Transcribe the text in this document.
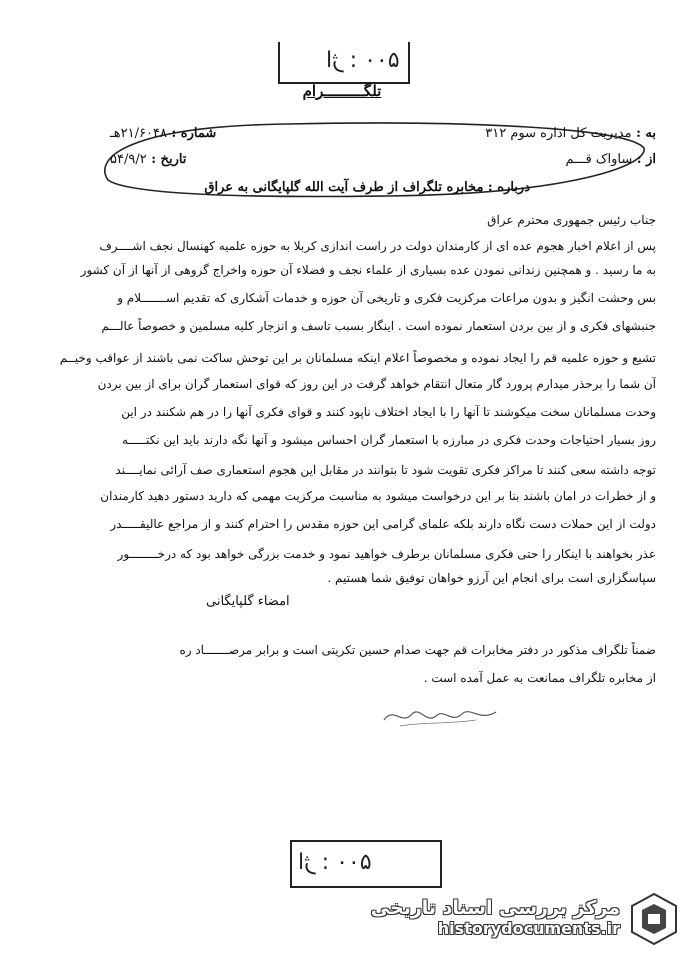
۵۰۰ : اژ
تلگـــــــــرام
به : مدیریت کل اداره سوم ۳۱۲
از : ساواک قـــم
شماره : ۲۱/۶۰۴۸هـ
تاریخ : ۵۴/۹/۲
درباره : مخابره تلگراف از طرف آیت الله گلپایگانی به عراق
جناب رئیس جمهوری محترم عراق
پس از اعلام اخبار هجوم عده ای از کارمندان دولت در راست اندازی کربلا به حوزه علمیه کهنسال نجف اشــــرف
به ما رسید . و همچنین زندانی نمودن عده بسیاری از علماء نجف و فضلاء آن حوزه واخراج گروهی از آنها از آن کشور
بس وحشت انگیز و بدون مراعات مرکزیت فکری و تاریخی آن حوزه و خدمات آشکاری که تقدیم اســـــــلام و
جنبشهای فکری و از بین بردن استعمار نموده است . اینگار بسبب تاسف و انزجار کلیه مسلمین و خصوصاً عالـــم
تشیع و حوزه علمیه قم را ایجاد نموده و مخصوصاً اعلام اینکه مسلمانان بر این توحش ساکت نمی باشند از عواقب وخیــم
آن شما را برحذر میدارم پرورد گار متعال انتقام خواهد گرفت در این روز که قوای استعمار گران برای از بین بردن
وحدت مسلمانان سخت میکوشند تا آنها را با ایجاد اختلاف ناپود کنند و قوای فکری آنها را در هم شکنند در این
روز بسیار احتیاجات وحدت فکری در مبارزه با استعمار گران احساس میشود و آنها نگه دارند باید این نکتـــــه
توجه داشته سعی کنند تا مراکز فکری تقویت شود تا بتوانند در مقابل این هجوم استعماری صف آرائی نمایــــند
و از خطرات در امان باشند بنا بر این درخواست میشود به مناسبت مرکزیت مهمی که دارید دستور دهید کارمندان
دولت از این حملات دست نگاه دارند بلکه علمای گرامی این حوزه مقدس را احترام کنند و از مراجع عالیقـــــدر
عذر بخواهند با اینکار را حتی فکری مسلمانان برطرف خواهید نمود و خدمت بزرگی خواهد بود که درخــــــــور
سپاسگزاری است برای انجام این آرزو خواهان توفیق شما هستیم .
امضاء گلپایگانی
ضمناً تلگراف مذکور در دفتر مخابرات قم جهت صدام حسین تکریتی است و برابر مرصـــــــاد ره
از مخابره تلگراف ممانعت به عمل آمده است .
۵۰۰ : اژ
مرکز بررسی اسناد تاریخی
historydocuments.ir
